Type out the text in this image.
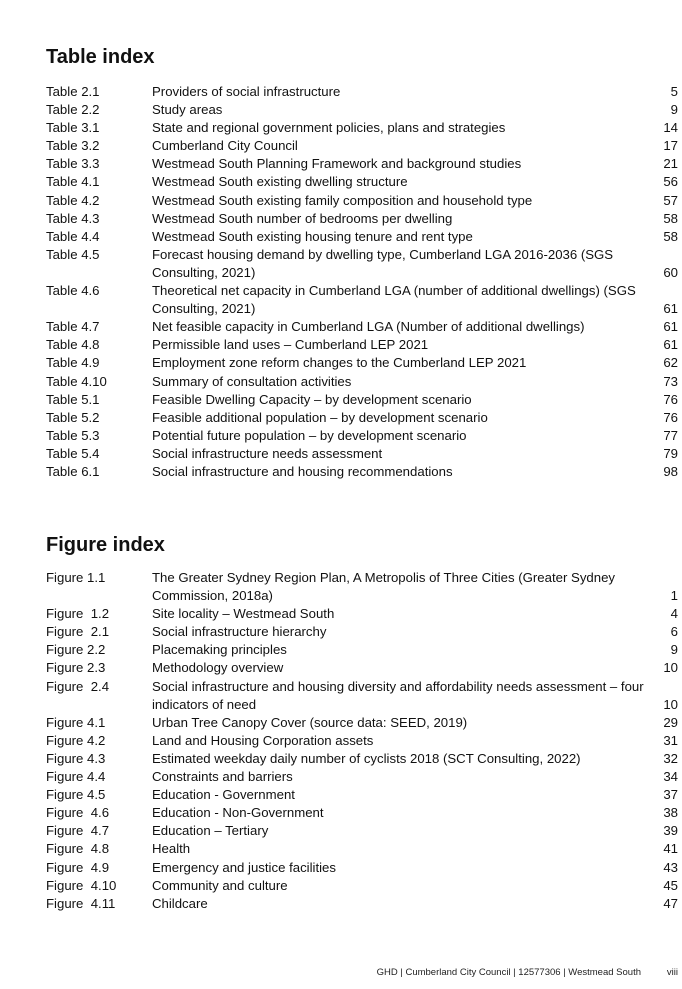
Table index
Table 2.1	Providers of social infrastructure	5
Table 2.2	Study areas	9
Table 3.1	State and regional government policies, plans and strategies	14
Table 3.2	Cumberland City Council	17
Table 3.3	Westmead South Planning Framework and background studies	21
Table 4.1	Westmead South existing dwelling structure	56
Table 4.2	Westmead South existing family composition and household type	57
Table 4.3	Westmead South number of bedrooms per dwelling	58
Table 4.4	Westmead South existing housing tenure and rent type	58
Table 4.5	Forecast housing demand by dwelling type, Cumberland LGA 2016-2036 (SGS Consulting, 2021)	60
Table 4.6	Theoretical net capacity in Cumberland LGA (number of additional dwellings) (SGS Consulting, 2021)	61
Table 4.7	Net feasible capacity in Cumberland LGA (Number of additional dwellings)	61
Table 4.8	Permissible land uses – Cumberland LEP 2021	61
Table 4.9	Employment zone reform changes to the Cumberland LEP 2021	62
Table 4.10	Summary of consultation activities	73
Table 5.1	Feasible Dwelling Capacity – by development scenario	76
Table 5.2	Feasible additional population – by development scenario	76
Table 5.3	Potential future population – by development scenario	77
Table 5.4	Social infrastructure needs assessment	79
Table 6.1	Social infrastructure and housing recommendations	98
Figure index
Figure 1.1	The Greater Sydney Region Plan, A Metropolis of Three Cities (Greater Sydney Commission, 2018a)	1
Figure  1.2	Site locality – Westmead South	4
Figure  2.1	Social infrastructure hierarchy	6
Figure 2.2	Placemaking principles	9
Figure 2.3	Methodology overview	10
Figure  2.4	Social infrastructure and housing diversity and affordability needs assessment – four indicators of need	10
Figure 4.1	Urban Tree Canopy Cover (source data: SEED, 2019)	29
Figure 4.2	Land and Housing Corporation assets	31
Figure 4.3	Estimated weekday daily number of cyclists 2018 (SCT Consulting, 2022)	32
Figure 4.4	Constraints and barriers	34
Figure 4.5	Education - Government	37
Figure  4.6	Education - Non-Government	38
Figure  4.7	Education – Tertiary	39
Figure  4.8	Health	41
Figure  4.9	Emergency and justice facilities	43
Figure  4.10	Community and culture	45
Figure  4.11	Childcare	47
GHD | Cumberland City Council | 12577306 | Westmead South	viii
